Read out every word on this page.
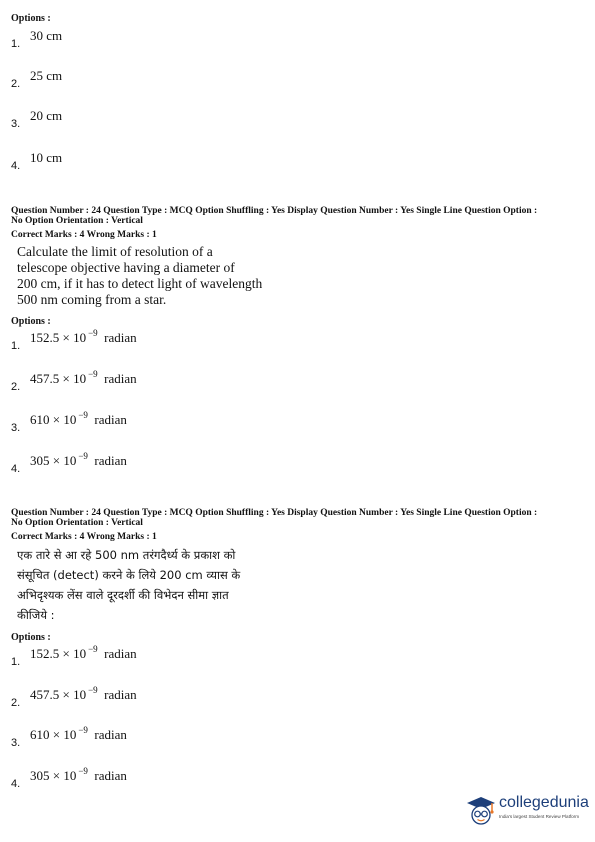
Options :
30 cm
1.
25 cm
2.
20 cm
3.
10 cm
4.
Question Number : 24 Question Type : MCQ Option Shuffling : Yes Display Question Number : Yes Single Line Question Option :
No Option Orientation : Vertical
Correct Marks : 4 Wrong Marks : 1
Calculate the limit of resolution of a
telescope objective having a diameter of
200 cm, if it has to detect light of wavelength
500 nm coming from a star.
Options :
152.5 × 10 $^{-9}$ radian
1.
457.5 × 10 $^{-9}$ radian
2.
610 × 10 $^{-9}$ radian
3.
305 × 10 $^{-9}$ radian
4.
Question Number : 24 Question Type : MCQ Option Shuffling : Yes Display Question Number : Yes Single Line Question Option :
No Option Orientation : Vertical
Correct Marks : 4 Wrong Marks : 1
एक तारे से आ रहे 500 nm तरंगदैर्ध्य के प्रकाश को
संसूचित (detect) करने के लिये 200 cm व्यास के
अभिदृश्यक लेंस वाले दूरदर्शी की विभेदन सीमा ज्ञात
कीजिये :
Options :
152.5 × 10 $^{-9}$ radian
1.
457.5 × 10 $^{-9}$ radian
2.
610 × 10 $^{-9}$ radian
3.
305 × 10 $^{-9}$ radian
4.
collegedunia
India's largest Student Review Platform
